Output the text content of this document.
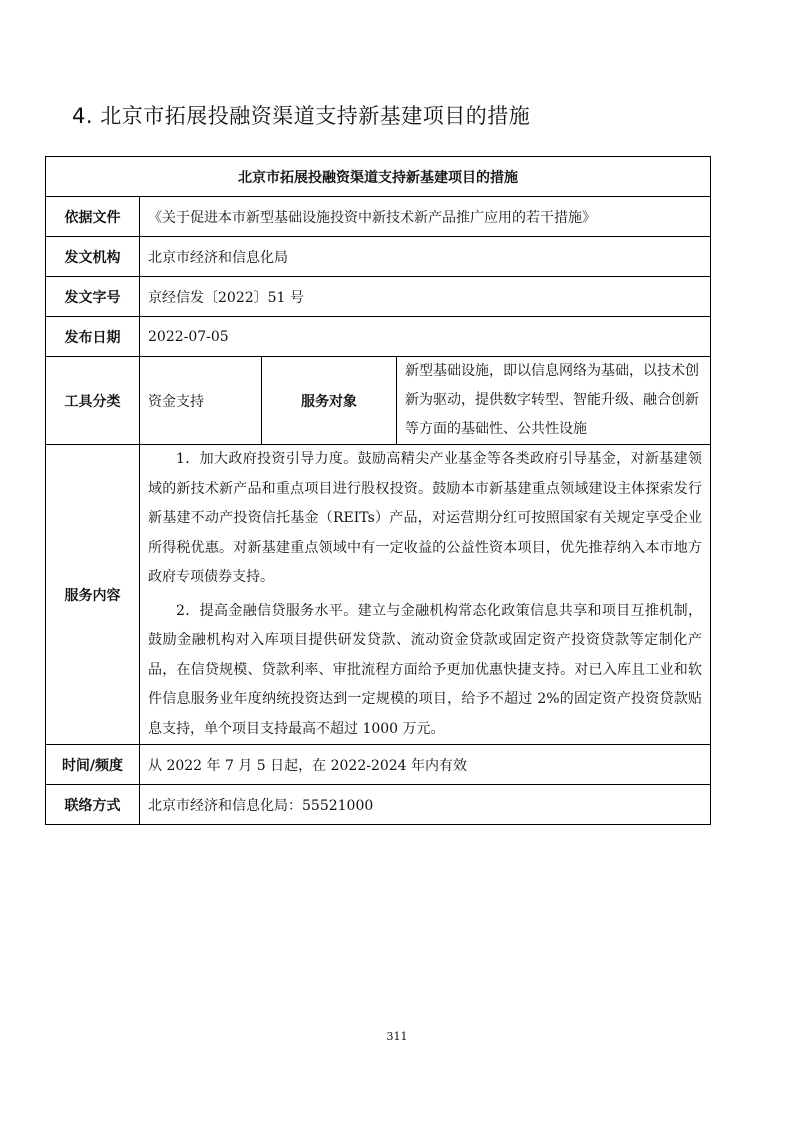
4. 北京市拓展投融资渠道支持新基建项目的措施
北京市拓展投融资渠道支持新基建项目的措施			
依据文件	《关于促进本市新型基础设施投资中新技术新产品推广应用的若干措施》		
发文机构	北京市经济和信息化局		
发文字号	京经信发〔2022〕51 号		
发布日期	2022-07-05		
工具分类	资金支持	服务对象	新型基础设施，即以信息网络为基础，以技术创新为驱动，提供数字转型、智能升级、融合创新等方面的基础性、公共性设施
服务内容	1．加大政府投资引导力度。鼓励高精尖产业基金等各类政府引导基金，对新基建领域的新技术新产品和重点项目进行股权投资。鼓励本市新基建重点领域建设主体探索发行新基建不动产投资信托基金（REITs）产品，对运营期分红可按照国家有关规定享受企业所得税优惠。对新基建重点领域中有一定收益的公益性资本项目，优先推荐纳入本市地方政府专项债券支持。

2．提高金融信贷服务水平。建立与金融机构常态化政策信息共享和项目互推机制，鼓励金融机构对入库项目提供研发贷款、流动资金贷款或固定资产投资贷款等定制化产品，在信贷规模、贷款利率、审批流程方面给予更加优惠快捷支持。对已入库且工业和软件信息服务业年度纳统投资达到一定规模的项目，给予不超过 2%的固定资产投资贷款贴息支持，单个项目支持最高不超过 1000 万元。		

时间/频度	从 2022 年 7 月 5 日起，在 2022-2024 年内有效		
联络方式	北京市经济和信息化局：55521000		
311
